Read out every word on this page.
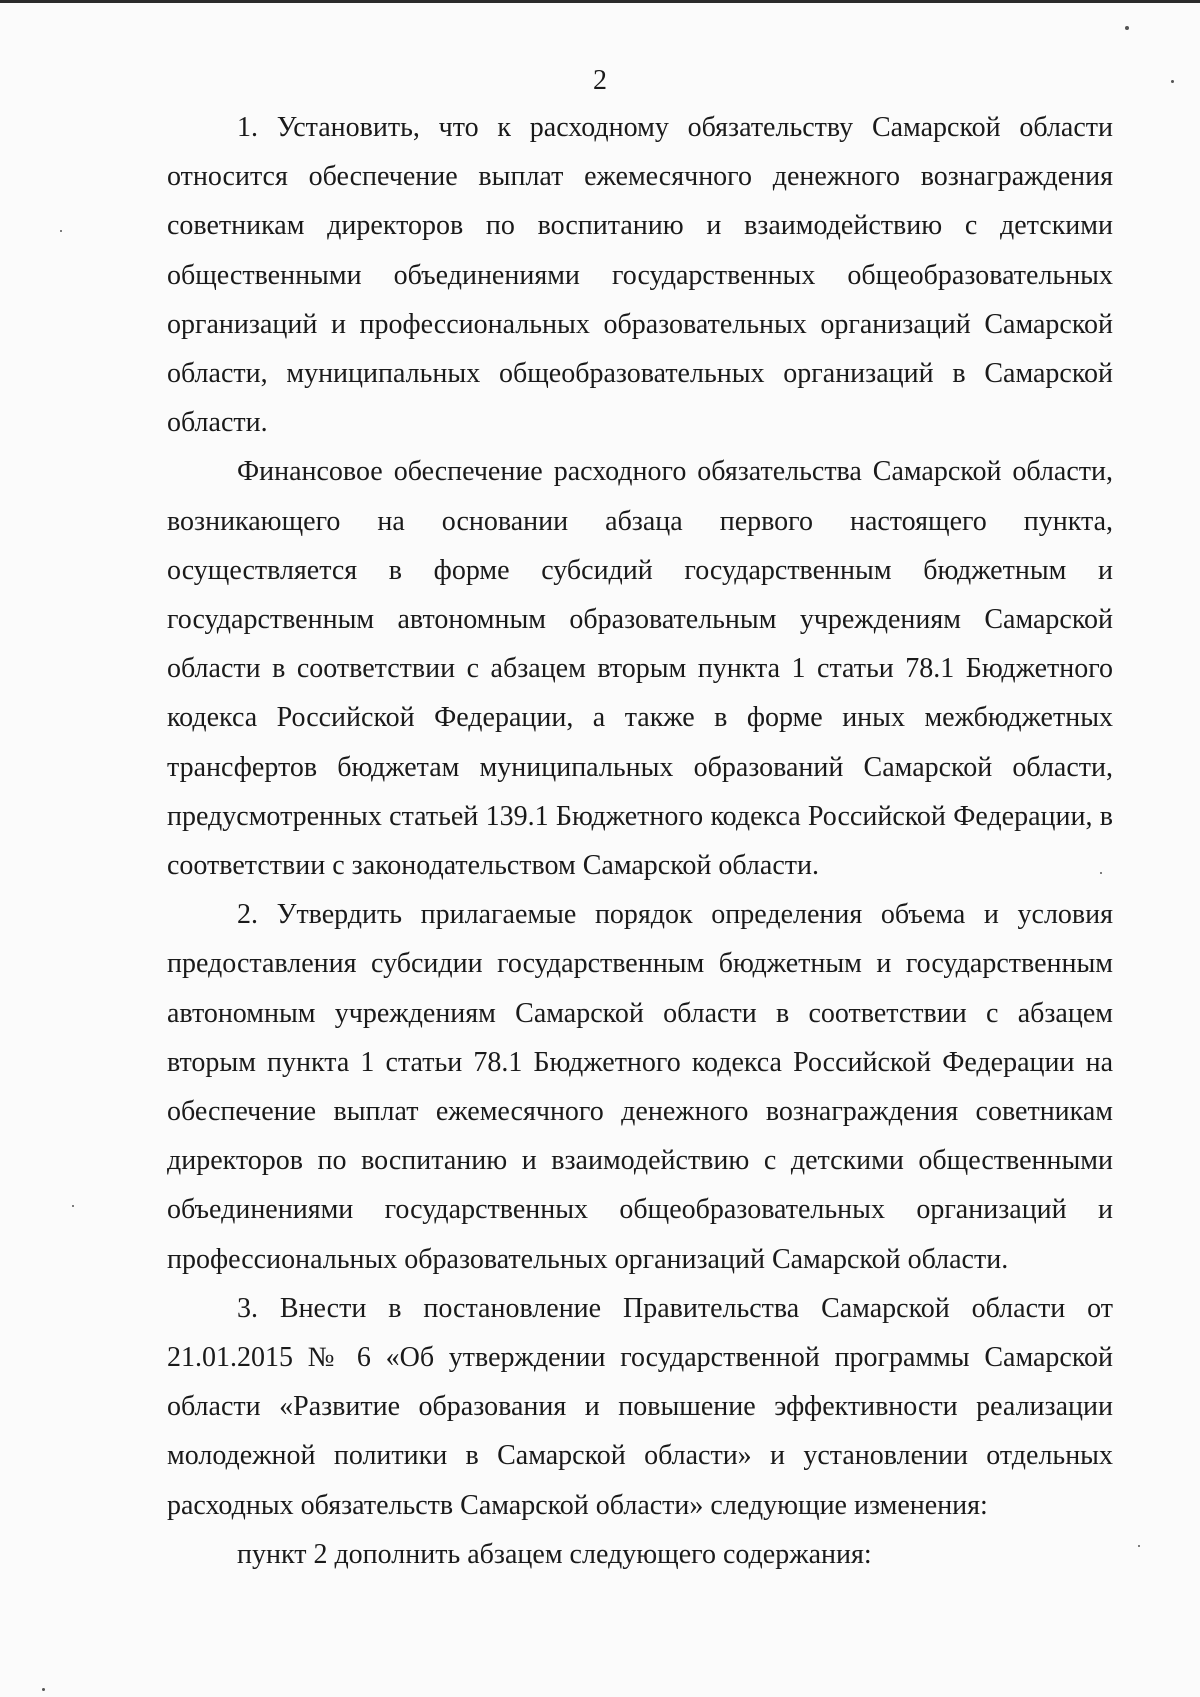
2

1. Установить, что к расходному обязательству Самарской области относится обеспечение выплат ежемесячного денежного вознаграждения советникам директоров по воспитанию и взаимодействию с детскими общественными объединениями государственных общеобразовательных организаций и профессиональных образовательных организаций Самарской области, муниципальных общеобразовательных организаций в Самарской области.

Финансовое обеспечение расходного обязательства Самарской области, возникающего на основании абзаца первого настоящего пункта, осуществляется в форме субсидий государственным бюджетным и государственным автономным образовательным учреждениям Самарской области в соответствии с абзацем вторым пункта 1 статьи 78.1 Бюджетного кодекса Российской Федерации, а также в форме иных межбюджетных трансфертов бюджетам муниципальных образований Самарской области, предусмотренных статьей 139.1 Бюджетного кодекса Российской Федерации, в соответствии с законодательством Самарской области.

2. Утвердить прилагаемые порядок определения объема и условия предоставления субсидии государственным бюджетным и государственным автономным учреждениям Самарской области в соответствии с абзацем вторым пункта 1 статьи 78.1 Бюджетного кодекса Российской Федерации на обеспечение выплат ежемесячного денежного вознаграждения советникам директоров по воспитанию и взаимодействию с детскими общественными объединениями государственных общеобразовательных организаций и профессиональных образовательных организаций Самарской области.

3. Внести в постановление Правительства Самарской области от 21.01.2015 № 6 «Об утверждении государственной программы Самарской области «Развитие образования и повышение эффективности реализации молодежной политики в Самарской области» и установлении отдельных расходных обязательств Самарской области» следующие изменения:

пункт 2 дополнить абзацем следующего содержания:
